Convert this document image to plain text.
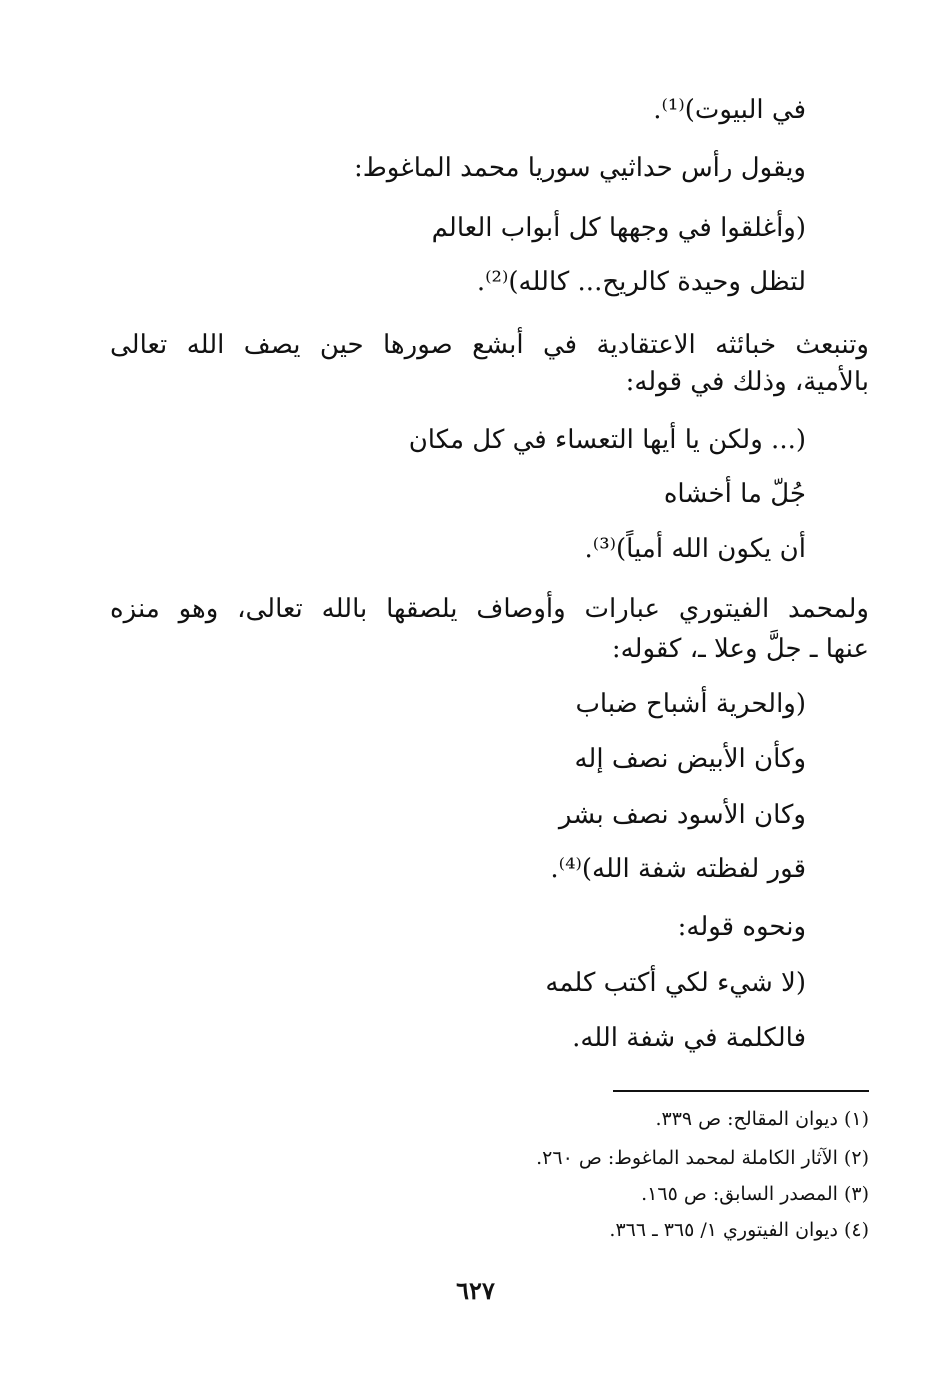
في البيوت)⁽¹⁾.
ويقول رأس حداثيي سوريا محمد الماغوط:
(وأغلقوا في وجهها كل أبواب العالم
لتظل وحيدة كالريح... كالله)⁽²⁾.
وتنبعث خبائثه الاعتقادية في أبشع صورها حين يصف الله تعالى
بالأمية، وذلك في قوله:
(... ولكن يا أيها التعساء في كل مكان
جُلّ ما أخشاه
أن يكون الله أمياً)⁽³⁾.
ولمحمد الفيتوري عبارات وأوصاف يلصقها بالله تعالى، وهو منزه
عنها ـ جلَّ وعلا ـ، كقوله:
(والحرية أشباح ضباب
وكأن الأبيض نصف إله
وكان الأسود نصف بشر
قور لفظته شفة الله)⁽⁴⁾.
ونحوه قوله:
(لا شيء لكي أكتب كلمه
فالكلمة في شفة الله.
(١) ديوان المقالح: ص ٣٣٩.
(٢) الآثار الكاملة لمحمد الماغوط: ص ٢٦٠.
(٣) المصدر السابق: ص ١٦٥.
(٤) ديوان الفيتوري ١/ ٣٦٥ ـ ٣٦٦.
٦٢٧
